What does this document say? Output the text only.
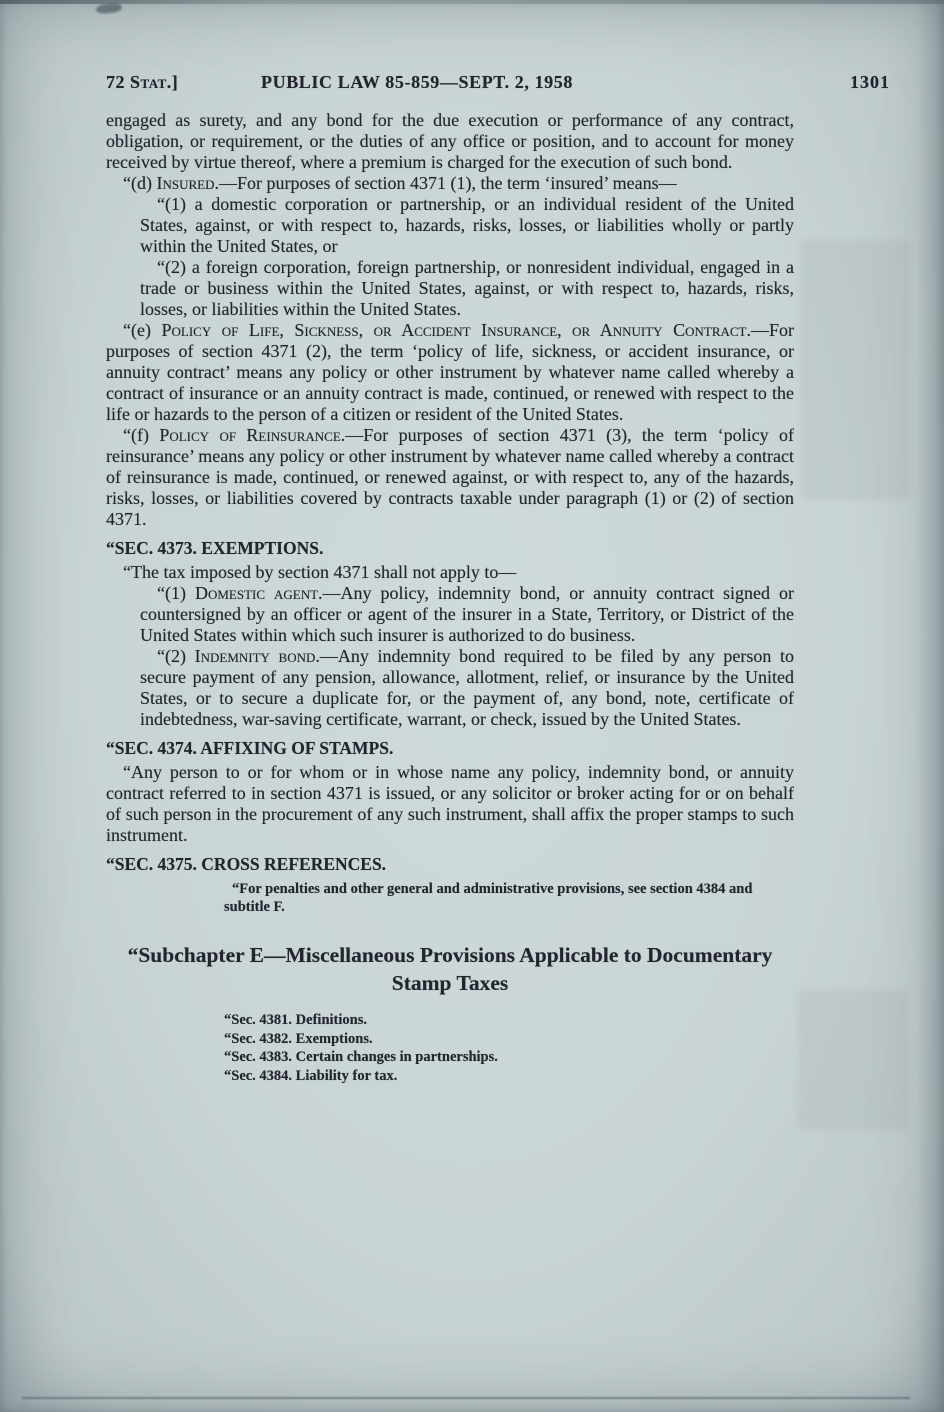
72 Stat.]	PUBLIC LAW 85-859—SEPT. 2, 1958	1301
engaged as surety, and any bond for the due execution or performance of any contract, obligation, or requirement, or the duties of any office or position, and to account for money received by virtue thereof, where a premium is charged for the execution of such bond.
“(d) Insured.—For purposes of section 4371 (1), the term ‘insured’ means—
“(1) a domestic corporation or partnership, or an individual resident of the United States, against, or with respect to, hazards, risks, losses, or liabilities wholly or partly within the United States, or
“(2) a foreign corporation, foreign partnership, or nonresident individual, engaged in a trade or business within the United States, against, or with respect to, hazards, risks, losses, or liabilities within the United States.
“(e) Policy of Life, Sickness, or Accident Insurance, or Annuity Contract.—For purposes of section 4371 (2), the term ‘policy of life, sickness, or accident insurance, or annuity contract’ means any policy or other instrument by whatever name called whereby a contract of insurance or an annuity contract is made, continued, or renewed with respect to the life or hazards to the person of a citizen or resident of the United States.
“(f) Policy of Reinsurance.—For purposes of section 4371 (3), the term ‘policy of reinsurance’ means any policy or other instrument by whatever name called whereby a contract of reinsurance is made, continued, or renewed against, or with respect to, any of the hazards, risks, losses, or liabilities covered by contracts taxable under paragraph (1) or (2) of section 4371.
“SEC. 4373. EXEMPTIONS.
“The tax imposed by section 4371 shall not apply to—
“(1) Domestic agent.—Any policy, indemnity bond, or annuity contract signed or countersigned by an officer or agent of the insurer in a State, Territory, or District of the United States within which such insurer is authorized to do business.
“(2) Indemnity bond.—Any indemnity bond required to be filed by any person to secure payment of any pension, allowance, allotment, relief, or insurance by the United States, or to secure a duplicate for, or the payment of, any bond, note, certificate of indebtedness, war-saving certificate, warrant, or check, issued by the United States.
“SEC. 4374. AFFIXING OF STAMPS.
“Any person to or for whom or in whose name any policy, indemnity bond, or annuity contract referred to in section 4371 is issued, or any solicitor or broker acting for or on behalf of such person in the procurement of any such instrument, shall affix the proper stamps to such instrument.
“SEC. 4375. CROSS REFERENCES.
“For penalties and other general and administrative provisions, see section 4384 and subtitle F.
“Subchapter E—Miscellaneous Provisions Applicable to Documentary Stamp Taxes
“Sec. 4381. Definitions.
“Sec. 4382. Exemptions.
“Sec. 4383. Certain changes in partnerships.
“Sec. 4384. Liability for tax.
